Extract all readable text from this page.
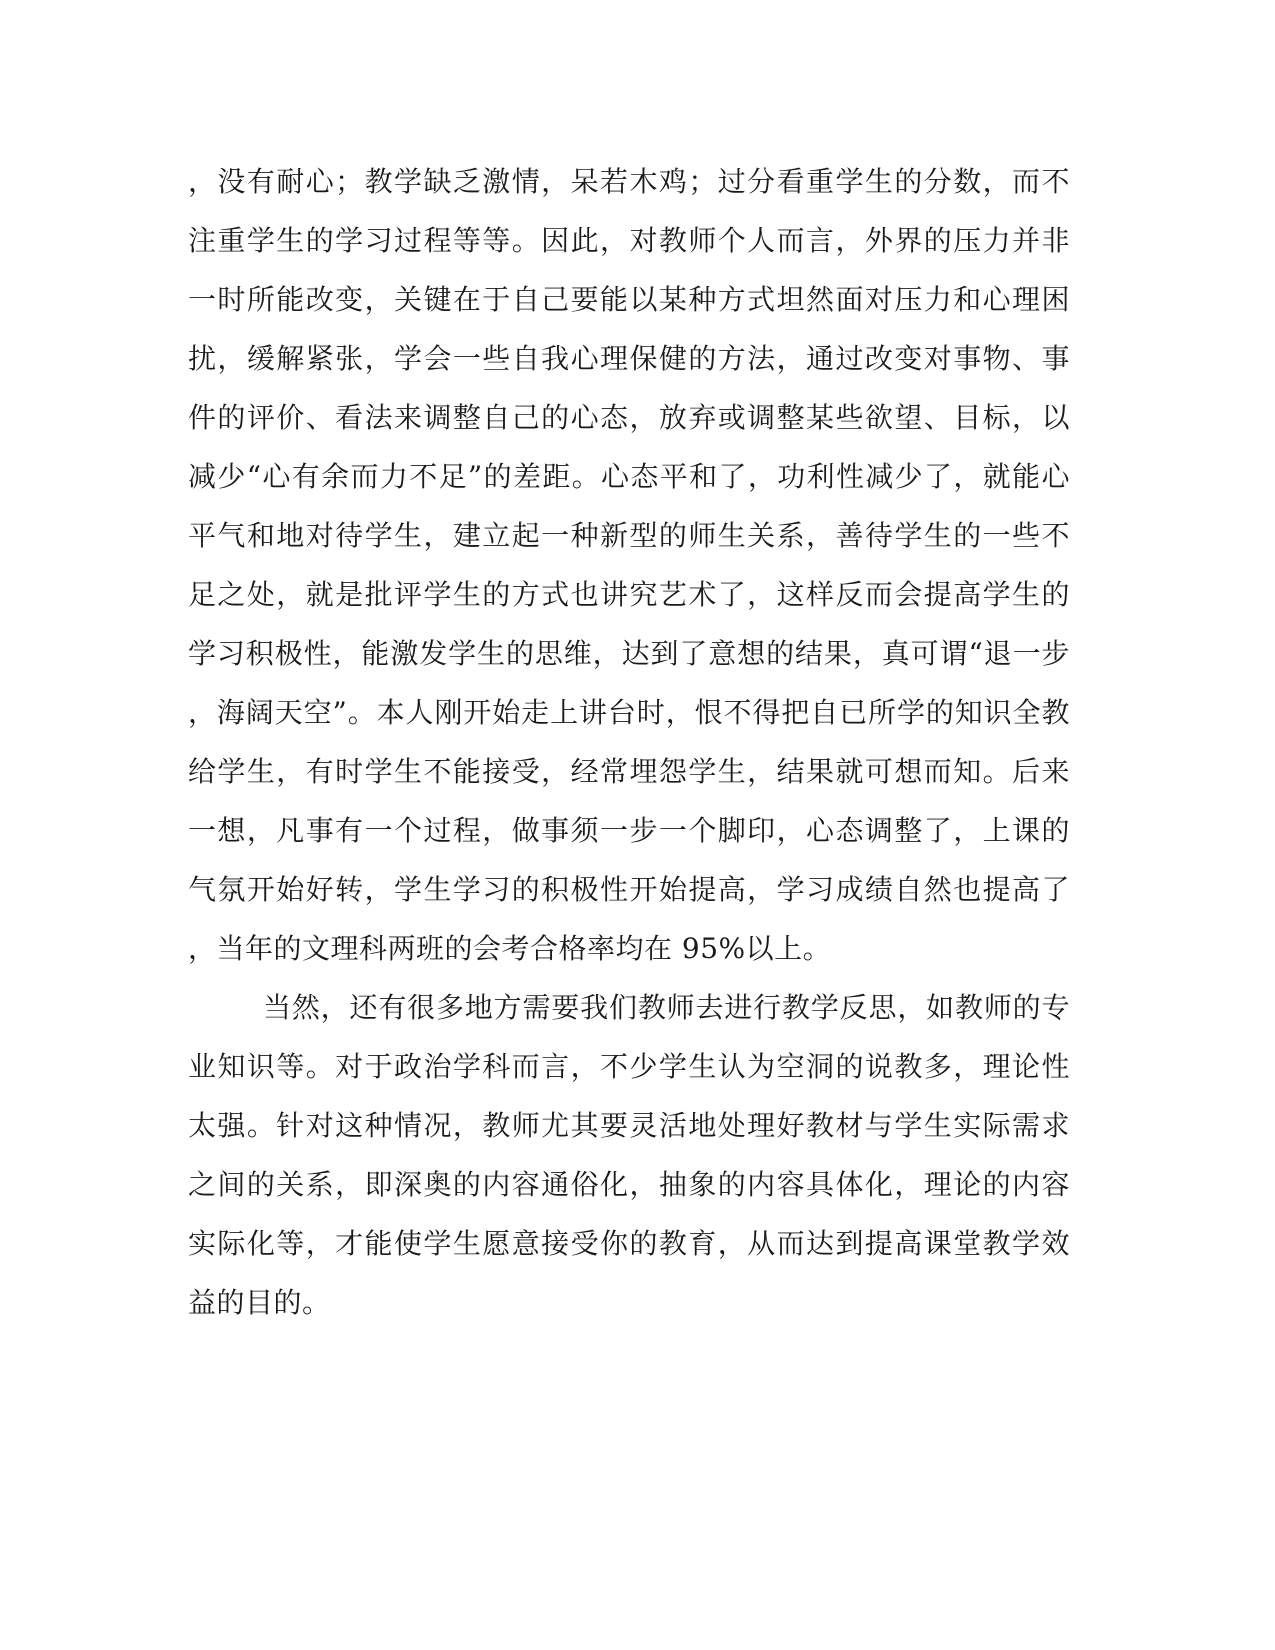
，没有耐心；教学缺乏激情，呆若木鸡；过分看重学生的分数，而不
注重学生的学习过程等等。因此，对教师个人而言，外界的压力并非
一时所能改变，关键在于自己要能以某种方式坦然面对压力和心理困
扰，缓解紧张，学会一些自我心理保健的方法，通过改变对事物、事
件的评价、看法来调整自己的心态，放弃或调整某些欲望、目标，以
减少“心有余而力不足”的差距。心态平和了，功利性减少了，就能心
平气和地对待学生，建立起一种新型的师生关系，善待学生的一些不
足之处，就是批评学生的方式也讲究艺术了，这样反而会提高学生的
学习积极性，能激发学生的思维，达到了意想的结果，真可谓“退一步
，海阔天空”。本人刚开始走上讲台时，恨不得把自已所学的知识全教
给学生，有时学生不能接受，经常埋怨学生，结果就可想而知。后来
一想，凡事有一个过程，做事须一步一个脚印，心态调整了，上课的
气氛开始好转，学生学习的积极性开始提高，学习成绩自然也提高了
，当年的文理科两班的会考合格率均在 95%以上。
当然，还有很多地方需要我们教师去进行教学反思，如教师的专
业知识等。对于政治学科而言，不少学生认为空洞的说教多，理论性
太强。针对这种情况，教师尤其要灵活地处理好教材与学生实际需求
之间的关系，即深奥的内容通俗化，抽象的内容具体化，理论的内容
实际化等，才能使学生愿意接受你的教育，从而达到提高课堂教学效
益的目的。
